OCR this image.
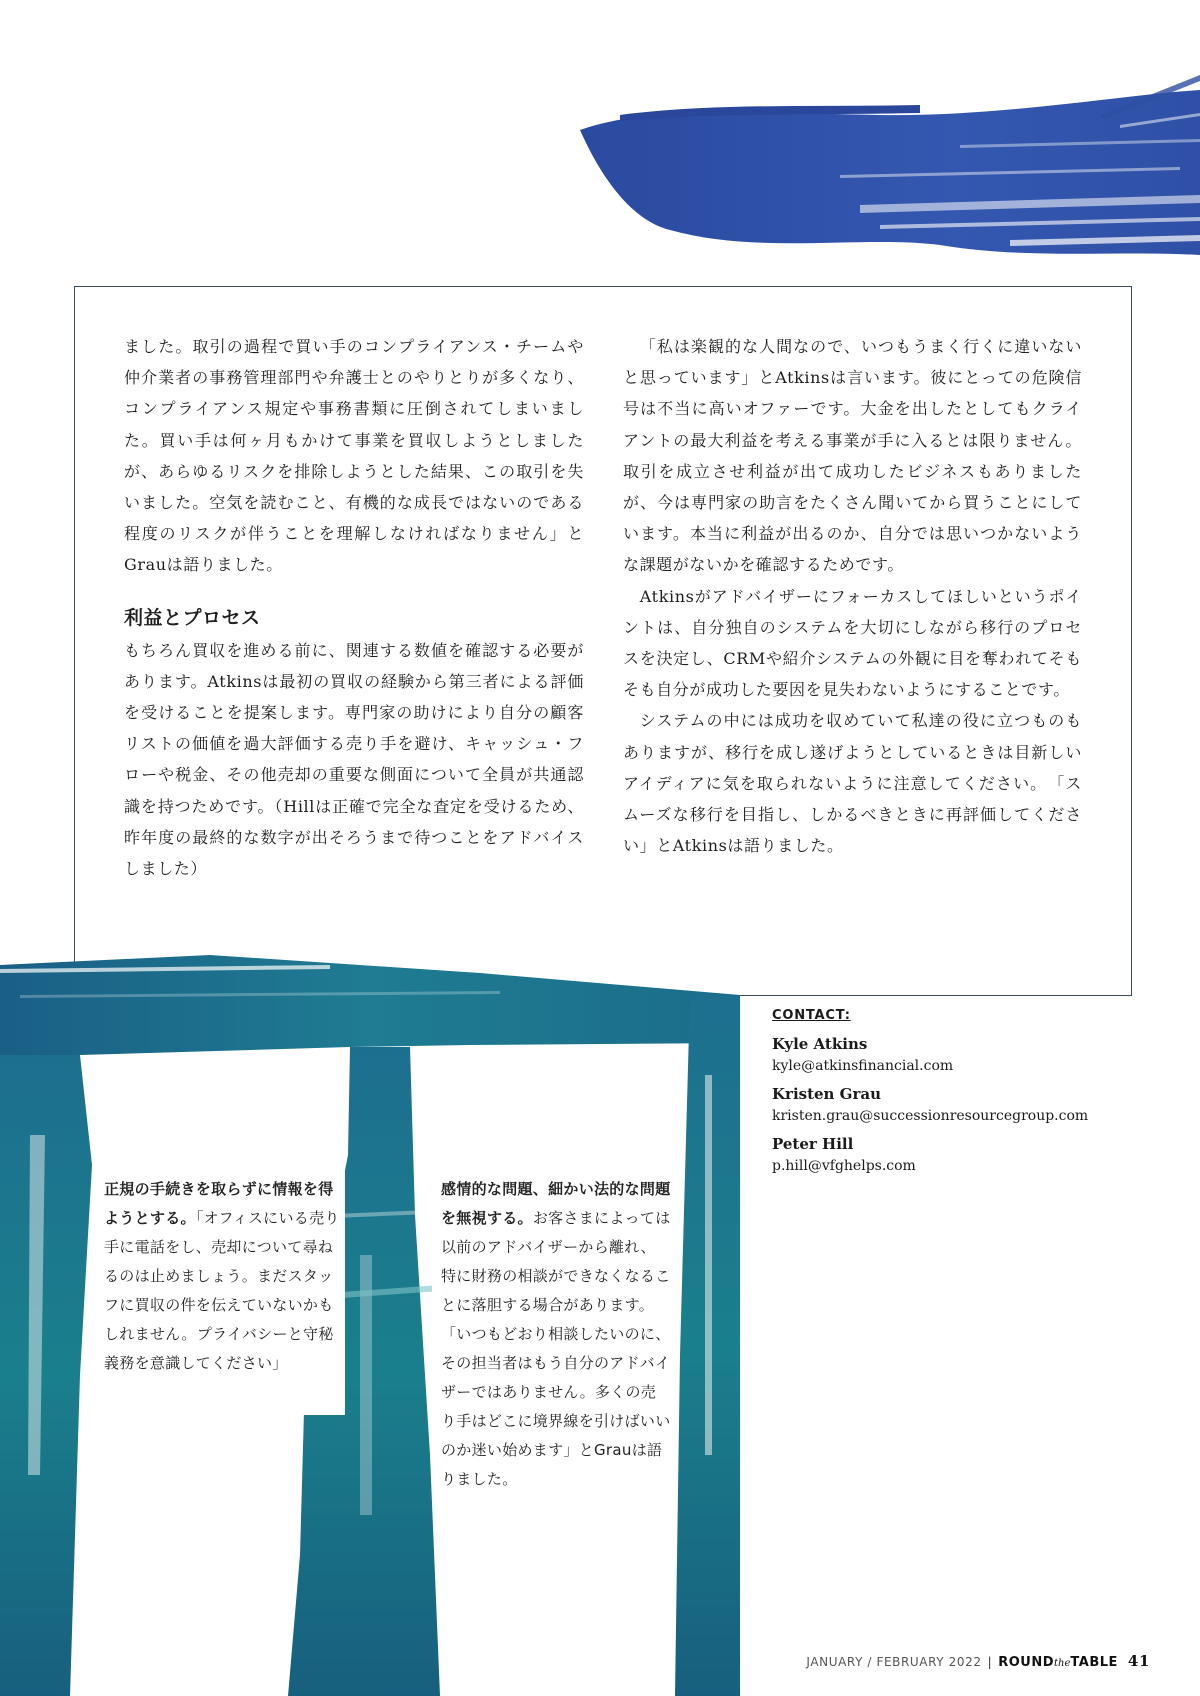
ました。取引の過程で買い手のコンプライアンス・チームや仲介業者の事務管理部門や弁護士とのやりとりが多くなり、コンプライアンス規定や事務書類に圧倒されてしまいました。買い手は何ヶ月もかけて事業を買収しようとしましたが、あらゆるリスクを排除しようとした結果、この取引を失いました。空気を読むこと、有機的な成長ではないのである程度のリスクが伴うことを理解しなければなりません」とGrauは語りました。

利益とプロセス

もちろん買収を進める前に、関連する数値を確認する必要があります。Atkinsは最初の買収の経験から第三者による評価を受けることを提案します。専門家の助けにより自分の顧客リストの価値を過大評価する売り手を避け、キャッシュ・フローや税金、その他売却の重要な側面について全員が共通認識を持つためです。（Hillは正確で完全な査定を受けるため、昨年度の最終的な数字が出そろうまで待つことをアドバイスしました）

「私は楽観的な人間なので、いつもうまく行くに違いないと思っています」とAtkinsは言います。彼にとっての危険信号は不当に高いオファーです。大金を出したとしてもクライアントの最大利益を考える事業が手に入るとは限りません。取引を成立させ利益が出て成功したビジネスもありましたが、今は専門家の助言をたくさん聞いてから買うことにしています。本当に利益が出るのか、自分では思いつかないような課題がないかを確認するためです。

Atkinsがアドバイザーにフォーカスしてほしいというポイントは、自分独自のシステムを大切にしながら移行のプロセスを決定し、CRMや紹介システムの外観に目を奪われてそもそも自分が成功した要因を見失わないようにすることです。

システムの中には成功を収めていて私達の役に立つものもありますが、移行を成し遂げようとしているときは目新しいアイディアに気を取られないように注意してください。　「スムーズな移行を目指し、しかるべきときに再評価してください」とAtkinsは語りました。

正規の手続きを取らずに情報を得ようとする。「オフィスにいる売り手に電話をし、売却について尋ねるのは止めましょう。まだスタッフに買収の件を伝えていないかもしれません。プライバシーと守秘義務を意識してください」
感情的な問題、細かい法的な問題を無視する。お客さまによっては以前のアドバイザーから離れ、特に財務の相談ができなくなることに落胆する場合があります。「いつもどおり相談したいのに、その担当者はもう自分のアドバイザーではありません。多くの売り手はどこに境界線を引けばいいのか迷い始めます」とGrauは語りました。
CONTACT:
Kyle Atkins
kyle@atkinsfinancial.com
Kristen Grau
kristen.grau@successionresourcegroup.com
Peter Hill
p.hill@vfghelps.com
JANUARY / FEBRUARY 2022 | ROUNDtheTABLE 41
